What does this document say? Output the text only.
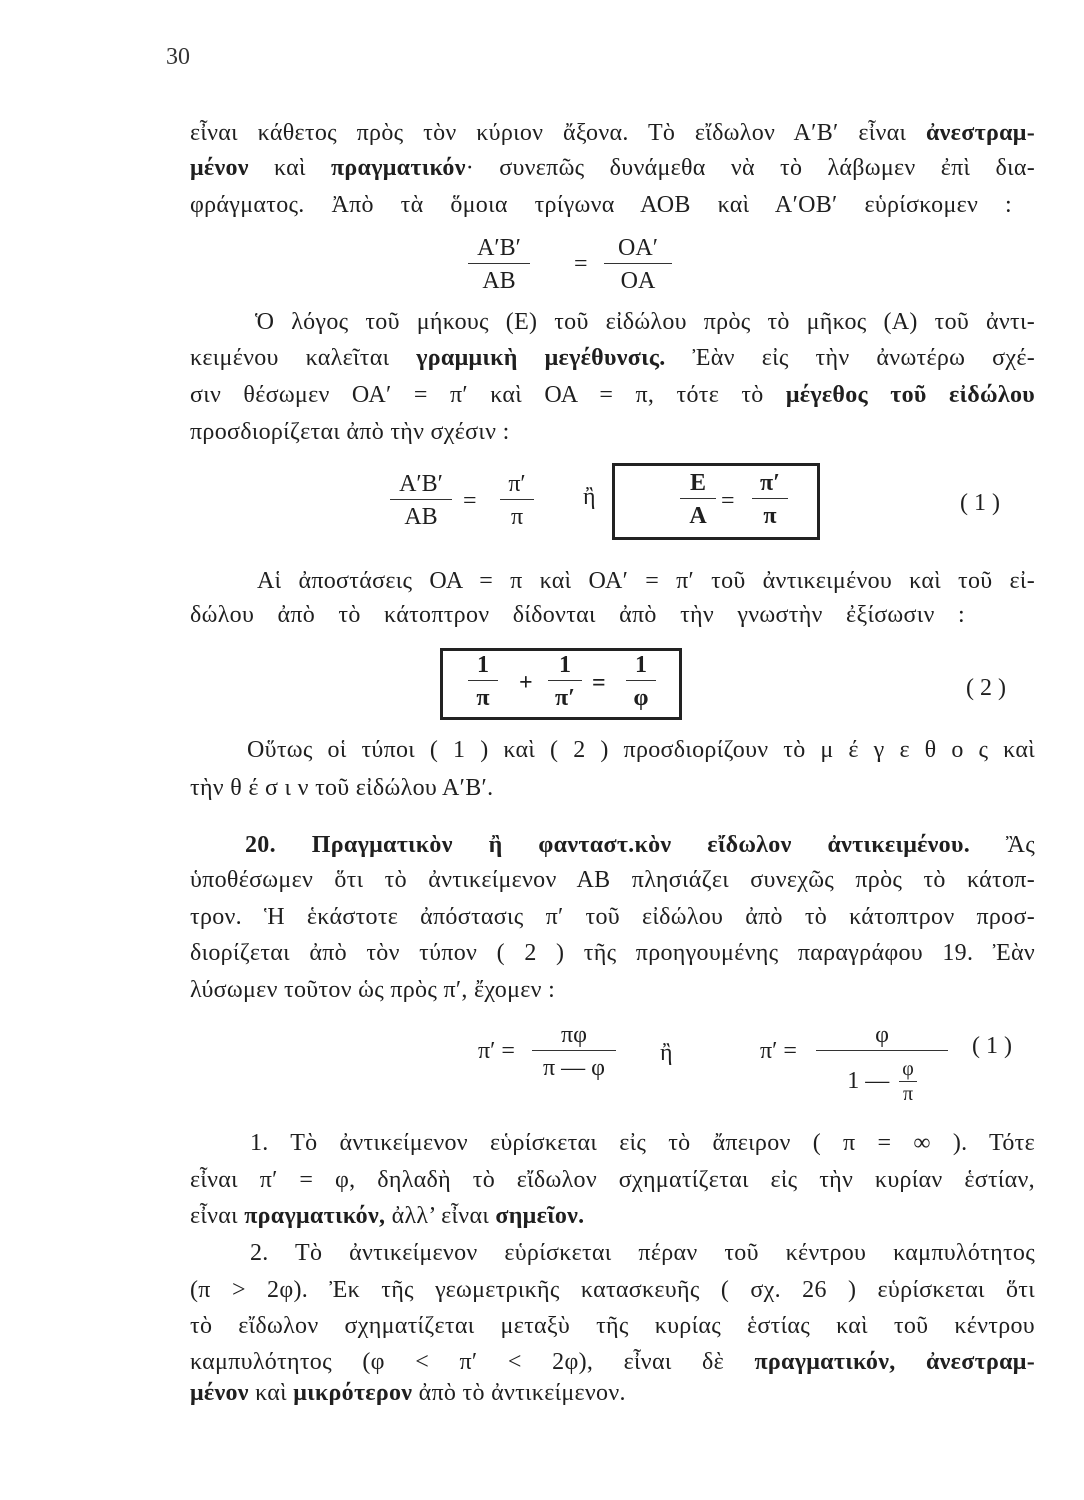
30
εἶναι κάθετος πρὸς τὸν κύριον ἄξονα. Τὸ εἴδωλον Α′Β′ εἶναι ἀνεστραμ-
μένον καὶ πραγματικόν· συνεπῶς δυνάμεθα νὰ τὸ λάβωμεν ἐπὶ δια-
φράγματος. Ἀπὸ τὰ ὅμοια τρίγωνα ΑΟΒ καὶ Α′ΟΒ′ εὑρίσκομεν :
$\frac{A'B'}{AB} = \frac{OA'}{OA}$
Ὁ λόγος τοῦ μήκους (Ε) τοῦ εἰδώλου πρὸς τὸ μῆκος (Α) τοῦ ἀντι-
κειμένου καλεῖται γραμμικὴ μεγέθυνσις. Ἐὰν εἰς τὴν ἀνωτέρω σχέ-
σιν θέσωμεν ΟΑ′ = π′ καὶ ΟΑ = π, τότε τὸ μέγεθος τοῦ εἰδώλου
προσδιορίζεται ἀπὸ τὴν σχέσιν :
$\frac{A'B'}{AB} = \frac{\pi'}{\pi}$ ἢ	$\frac{E}{A} = \frac{\pi'}{\pi}$	( 1 )
Αἱ ἀποστάσεις ΟΑ = π καὶ ΟΑ′ = π′ τοῦ ἀντικειμένου καὶ τοῦ εἰ-
δώλου ἀπὸ τὸ κάτοπτρον δίδονται ἀπὸ τὴν γνωστὴν ἐξίσωσιν :
$\frac{1}{\pi} + \frac{1}{\pi'} = \frac{1}{\varphi}$	( 2 )
Οὕτως οἱ τύποι ( 1 ) καὶ ( 2 ) προσδιορίζουν τὸ μ έ γ ε θ ο ς καὶ
τὴν θ έ σ ι ν τοῦ εἰδώλου Α′Β′.
20. Πραγματικὸν ἢ φανταστ.κὸν εἴδωλον ἀντικειμένου. Ἂς
ὑποθέσωμεν ὅτι τὸ ἀντικείμενον ΑΒ πλησιάζει συνεχῶς πρὸς τὸ κάτοπ-
τρον. Ἡ ἑκάστοτε ἀπόστασις π′ τοῦ εἰδώλου ἀπὸ τὸ κάτοπτρον προσ-
διορίζεται ἀπὸ τὸν τύπον ( 2 ) τῆς προηγουμένης παραγράφου 19. Ἐὰν
λύσωμεν τοῦτον ὡς πρὸς π′, ἔχομεν :
$\pi' = \frac{\pi\varphi}{\pi — \varphi}$ ἢ	$\pi' = \frac{\varphi}{1 — \frac{\varphi}{\pi}}$ ( 1 )
1. Τὸ ἀντικείμενον εὑρίσκεται εἰς τὸ ἄπειρον ( π = ∞ ). Τότε
εἶναι π′ = φ, δηλαδὴ τὸ εἴδωλον σχηματίζεται εἰς τὴν κυρίαν ἑστίαν,
εἶναι πραγματικόν, ἀλλ’ εἶναι σημεῖον.
2. Τὸ ἀντικείμενον εὑρίσκεται πέραν τοῦ κέντρου καμπυλότητος
(π > 2φ). Ἐκ τῆς γεωμετρικῆς κατασκευῆς ( σχ. 26 ) εὑρίσκεται ὅτι
τὸ εἴδωλον σχηματίζεται μεταξὺ τῆς κυρίας ἑστίας καὶ τοῦ κέντρου
καμπυλότητος (φ < π′ < 2φ), εἶναι δὲ πραγματικόν, ἀνεστραμ-
μένον καὶ μικρότερον ἀπὸ τὸ ἀντικείμενον.
